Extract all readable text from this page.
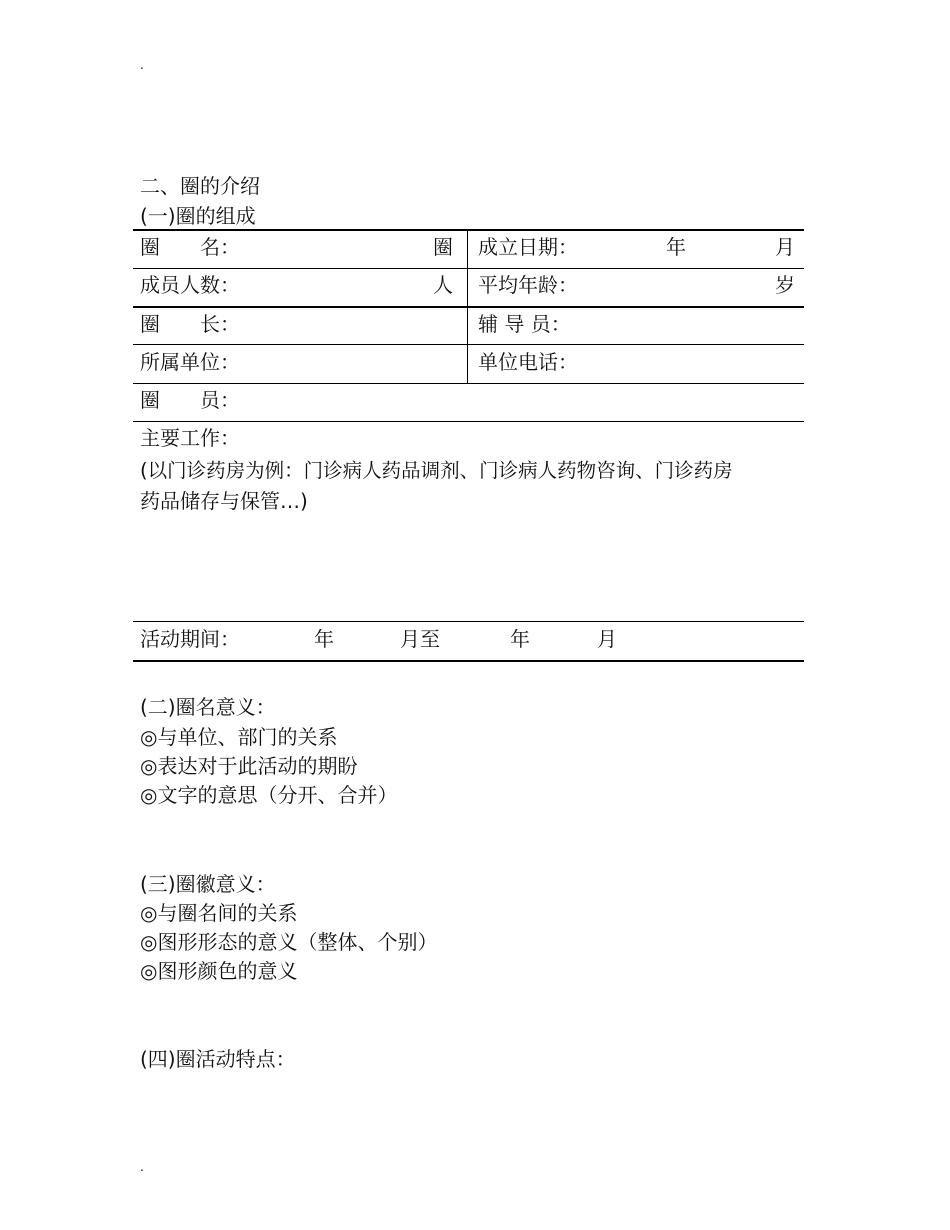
.
二、圈的介绍
(一)圈的组成
圈　　名：	圈 成立日期：	年	月
成员人数：	人 平均年龄：	岁
圈　　长：	辅 导 员：
所属单位：	单位电话：
圈　　员：
主要工作：
(以门诊药房为例：门诊病人药品调剂、门诊病人药物咨询、门诊药房
药品储存与保管…)
活动期间：	年	月至	年	月
(二)圈名意义：
◎与单位、部门的关系
◎表达对于此活动的期盼
◎文字的意思（分开、合并）
(三)圈徽意义：
◎与圈名间的关系
◎图形形态的意义（整体、个别）
◎图形颜色的意义
(四)圈活动特点：
.
